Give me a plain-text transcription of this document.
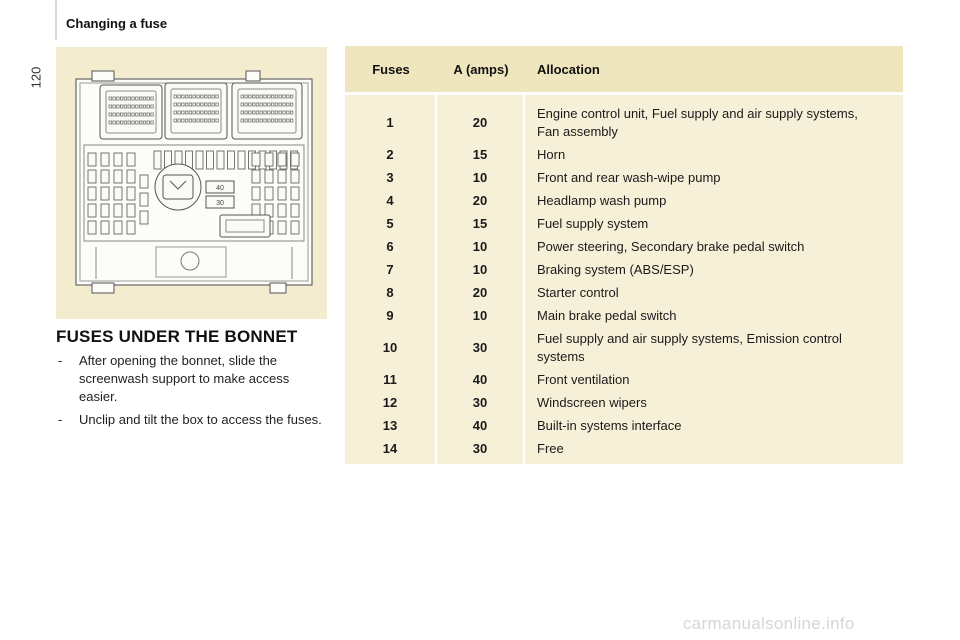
120
Changing a fuse
40
30
FUSES UNDER THE BONNET
- After opening the bonnet, slide the screenwash support to make access easier.
- Unclip and tilt the box to access the fuses.
Fuses	A (amps)	Allocation
1	20	Engine control unit, Fuel supply and air supply systems, Fan assembly
2	15	Horn
3	10	Front and rear wash-wipe pump
4	20	Headlamp wash pump
5	15	Fuel supply system
6	10	Power steering, Secondary brake pedal switch
7	10	Braking system (ABS/ESP)
8	20	Starter control
9	10	Main brake pedal switch
10	30	Fuel supply and air supply systems, Emission control systems
11	40	Front ventilation
12	30	Windscreen wipers
13	40	Built-in systems interface
14	30	Free
carmanualsonline.info
